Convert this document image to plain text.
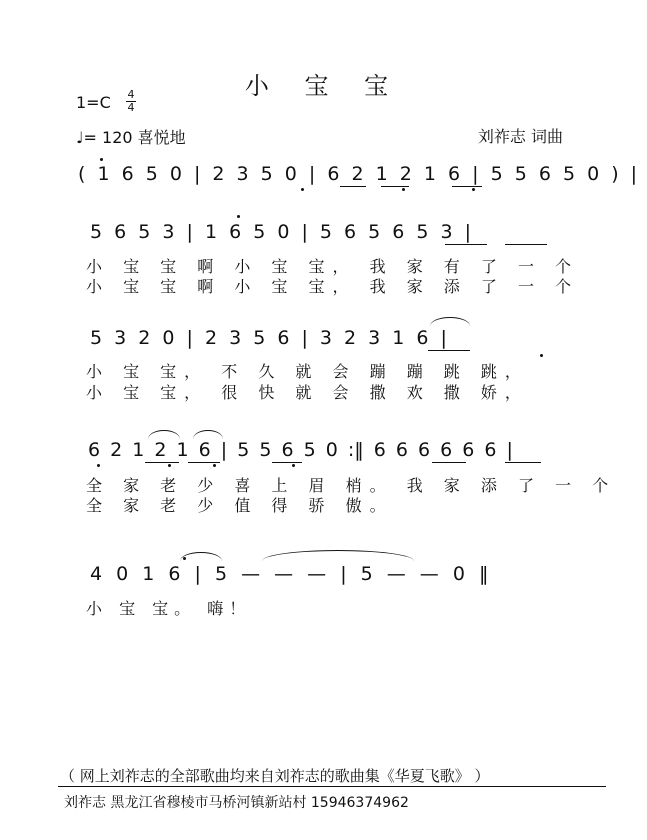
小 宝 宝
1=C	4
4
♩= 120 喜悦地	刘祚志 词曲
( 1 6 5 0 | 2 3 5 0 | 6 2 1 2 1 6 | 5 5 6 5 0 ) |
5 6 5 3 | 1 6 5 0 | 5 6 5 6 5 3 |
小 宝 宝 啊 小 宝 宝， 我 家 有 了 一 个
小 宝 宝 啊 小 宝 宝， 我 家 添 了 一 个
5 3 2 0 | 2 3 5 6 | 3 2 3 1 6 |
小 宝 宝， 不 久 就 会 蹦 蹦 跳 跳，
小 宝 宝， 很 快 就 会 撒 欢 撒 娇，
6 2 1 2 1 6 | 5 5 6 5 0 :‖ 6 6 6 6 6 6 |
全 家 老 少 喜 上 眉 梢。 我 家 添 了 一 个
全 家 老 少 值 得 骄 傲。
4 0 1 6 | 5 — — — | 5 — — 0 ‖
小 宝 宝。 嗨！
（ 网上刘祚志的全部歌曲均来自刘祚志的歌曲集《华夏飞歌》 ）
刘祚志 黑龙江省穆棱市马桥河镇新站村 15946374962
